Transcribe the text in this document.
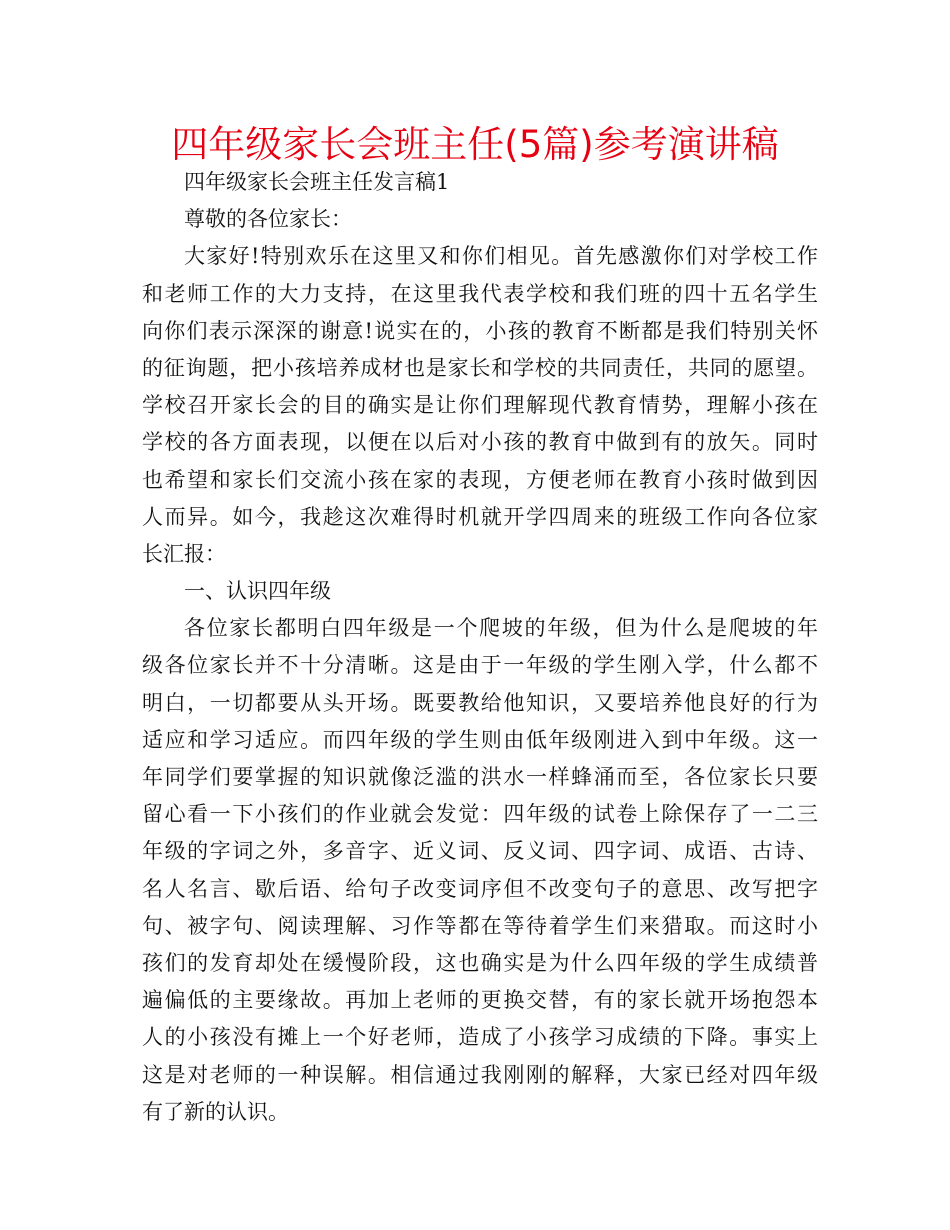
四年级家长会班主任(5篇)参考演讲稿
四年级家长会班主任发言稿1
尊敬的各位家长：
大家好!特别欢乐在这里又和你们相见。首先感激你们对学校工作
和老师工作的大力支持，在这里我代表学校和我们班的四十五名学生
向你们表示深深的谢意!说实在的，小孩的教育不断都是我们特别关怀
的征询题，把小孩培养成材也是家长和学校的共同责任，共同的愿望。
学校召开家长会的目的确实是让你们理解现代教育情势，理解小孩在
学校的各方面表现，以便在以后对小孩的教育中做到有的放矢。同时
也希望和家长们交流小孩在家的表现，方便老师在教育小孩时做到因
人而异。如今，我趁这次难得时机就开学四周来的班级工作向各位家
长汇报：
一、认识四年级
各位家长都明白四年级是一个爬坡的年级，但为什么是爬坡的年
级各位家长并不十分清晰。这是由于一年级的学生刚入学，什么都不
明白，一切都要从头开场。既要教给他知识，又要培养他良好的行为
适应和学习适应。而四年级的学生则由低年级刚进入到中年级。这一
年同学们要掌握的知识就像泛滥的洪水一样蜂涌而至，各位家长只要
留心看一下小孩们的作业就会发觉：四年级的试卷上除保存了一二三
年级的字词之外，多音字、近义词、反义词、四字词、成语、古诗、
名人名言、歇后语、给句子改变词序但不改变句子的意思、改写把字
句、被字句、阅读理解、习作等都在等待着学生们来猎取。而这时小
孩们的发育却处在缓慢阶段，这也确实是为什么四年级的学生成绩普
遍偏低的主要缘故。再加上老师的更换交替，有的家长就开场抱怨本
人的小孩没有摊上一个好老师，造成了小孩学习成绩的下降。事实上
这是对老师的一种误解。相信通过我刚刚的解释，大家已经对四年级
有了新的认识。
